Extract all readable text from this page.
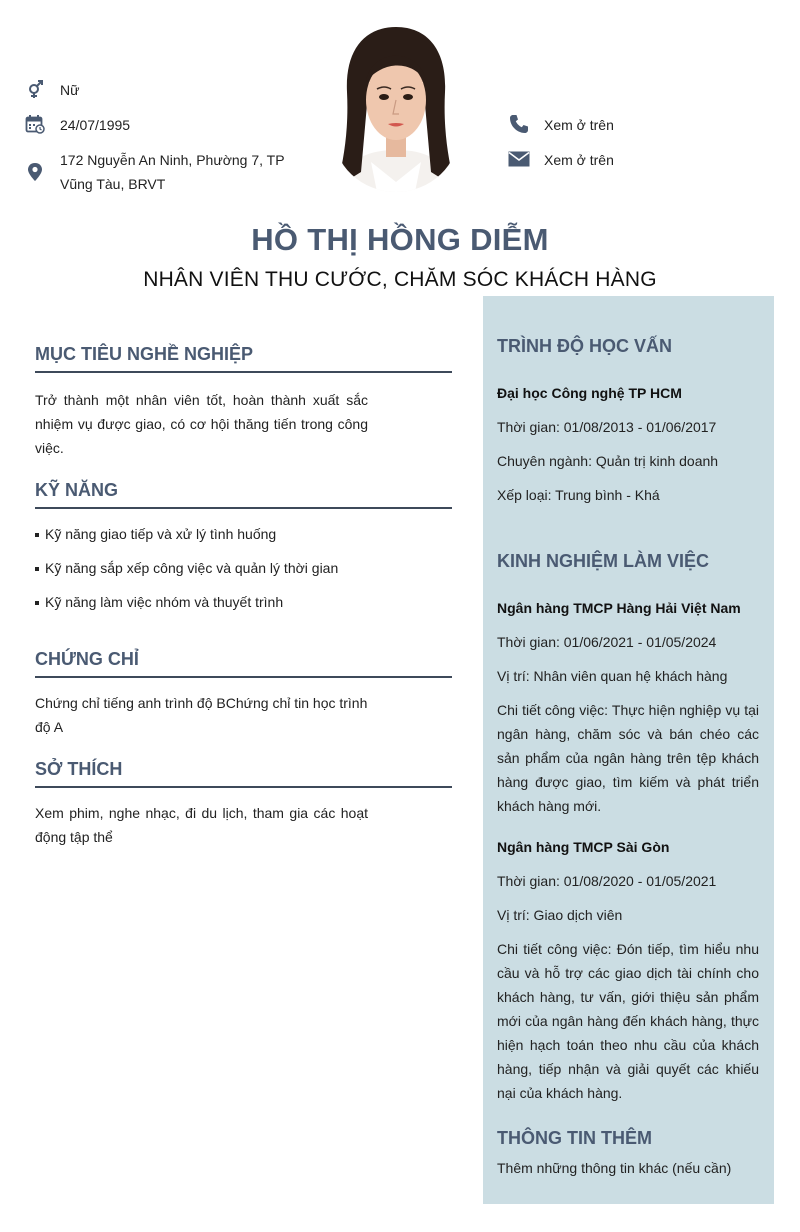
Nữ
24/07/1995
172 Nguyễn An Ninh, Phường 7, TP
Vũng Tàu, BRVT
Xem ở trên
Xem ở trên
HỒ THỊ HỒNG DIỄM
NHÂN VIÊN THU CƯỚC, CHĂM SÓC KHÁCH HÀNG
MỤC TIÊU NGHỀ NGHIỆP
Trở thành một nhân viên tốt, hoàn thành xuất sắc nhiệm vụ được giao, có cơ hội thăng tiến trong công việc.
KỸ NĂNG
Kỹ năng giao tiếp và xử lý tình huống
Kỹ năng sắp xếp công việc và quản lý thời gian
Kỹ năng làm việc nhóm và thuyết trình
CHỨNG CHỈ
Chứng chỉ tiếng anh trình độ BChứng chỉ tin học trình độ A
SỞ THÍCH
Xem phim, nghe nhạc, đi du lịch, tham gia các hoạt động tập thể
TRÌNH ĐỘ HỌC VẤN
Đại học Công nghệ TP HCM
Thời gian: 01/08/2013 - 01/06/2017
Chuyên ngành: Quản trị kinh doanh
Xếp loại: Trung bình - Khá
KINH NGHIỆM LÀM VIỆC
Ngân hàng TMCP Hàng Hải Việt Nam
Thời gian: 01/06/2021 - 01/05/2024
Vị trí: Nhân viên quan hệ khách hàng
Chi tiết công việc: Thực hiện nghiệp vụ tại ngân hàng, chăm sóc và bán chéo các sản phẩm của ngân hàng trên tệp khách hàng được giao, tìm kiếm và phát triển khách hàng mới.
Ngân hàng TMCP Sài Gòn
Thời gian: 01/08/2020 - 01/05/2021
Vị trí: Giao dịch viên
Chi tiết công việc: Đón tiếp, tìm hiểu nhu cầu và hỗ trợ các giao dịch tài chính cho khách hàng, tư vấn, giới thiệu sản phẩm mới của ngân hàng đến khách hàng, thực hiện hạch toán theo nhu cầu của khách hàng, tiếp nhận và giải quyết các khiếu nại của khách hàng.
THÔNG TIN THÊM
Thêm những thông tin khác (nếu cần)
